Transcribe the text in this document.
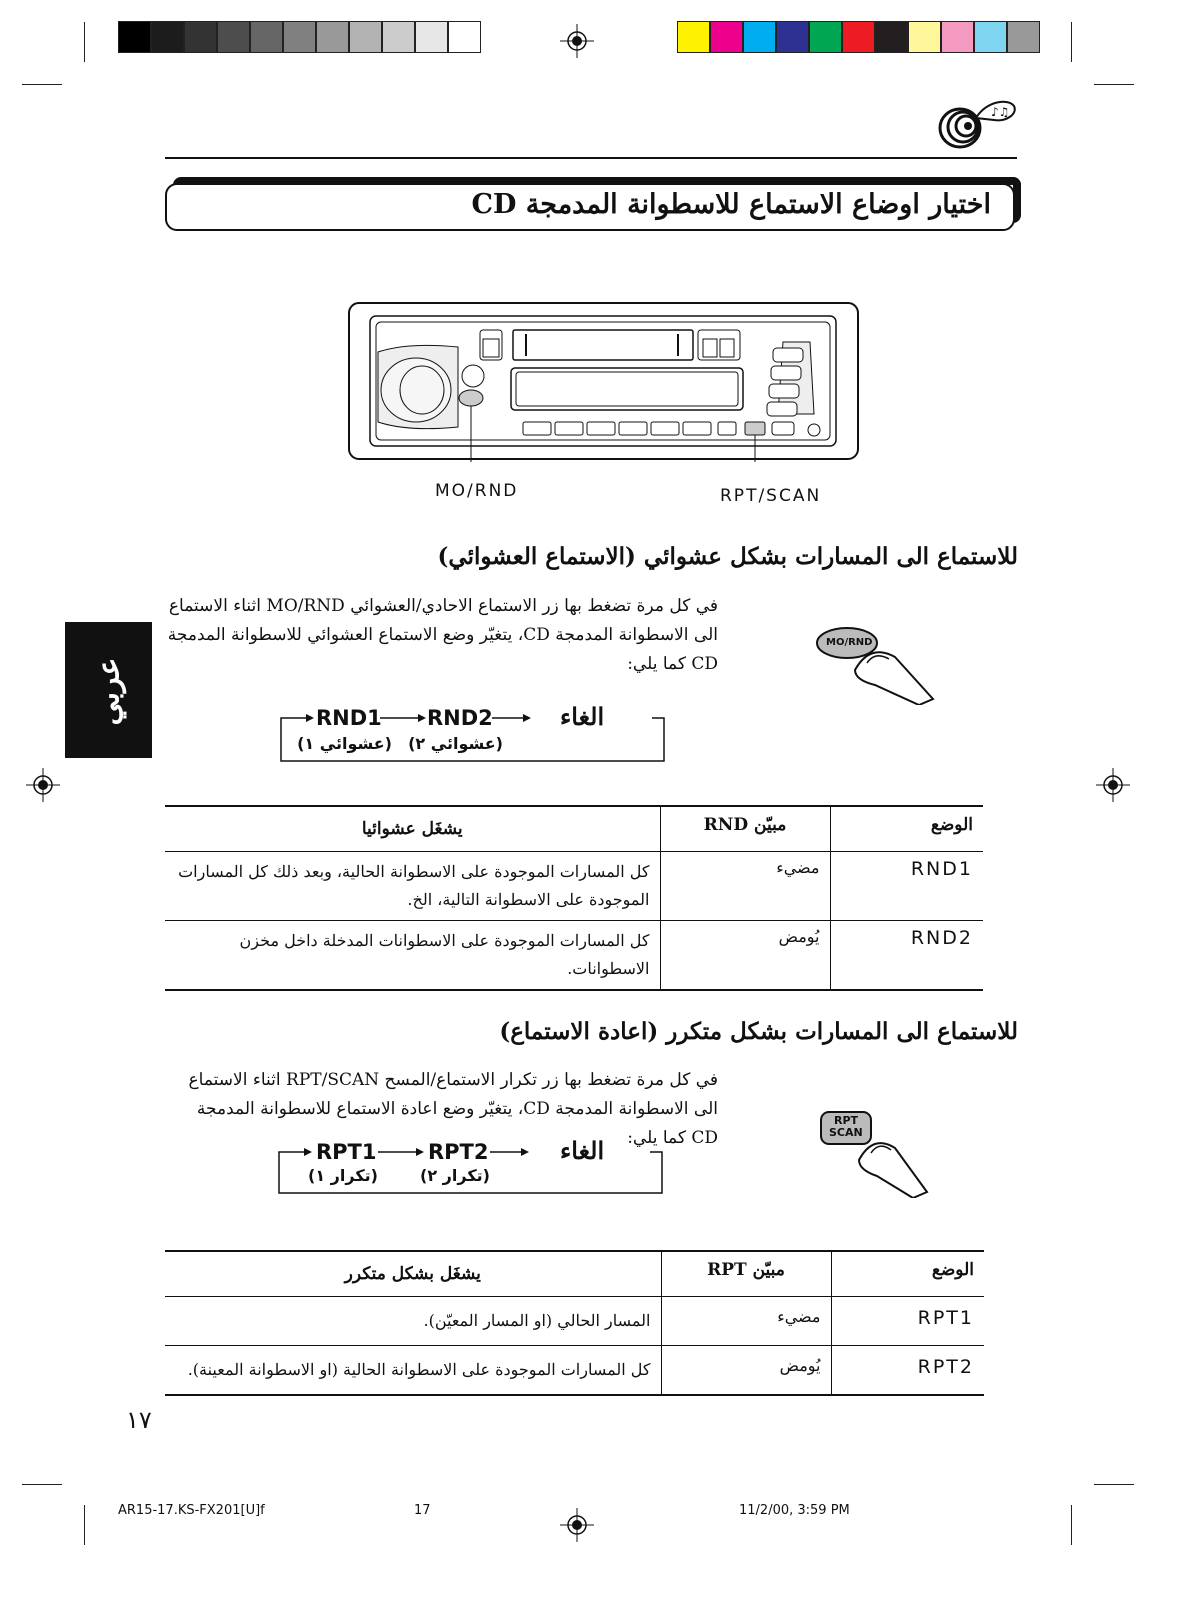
♪♫
اختيار اوضاع الاستماع للاسطوانة المدمجة CD
عربي
MO/RND	RPT/SCAN
للاستماع الى المسارات بشكل عشوائي (الاستماع العشوائي)
في كل مرة تضغط بها زر الاستماع الاحادي/العشوائي MO/RND اثناء الاستماع الى الاسطوانة المدمجة CD، يتغيّر وضع الاستماع العشوائي للاسطوانة المدمجة CD كما يلي:
MO/RND
RND1 RND2	الغاء
(عشوائي ١) (عشوائي ٢)
يشغَل عشوائيا	مبيّن RND	الوضع
كل المسارات الموجودة على الاسطوانة الحالية، وبعد ذلك كل المسارات الموجودة على الاسطوانة التالية، الخ.	مضيء	RND1
كل المسارات الموجودة على الاسطوانات المدخلة داخل مخزن الاسطوانات.	يُومض	RND2
للاستماع الى المسارات بشكل متكرر (اعادة الاستماع)
في كل مرة تضغط بها زر تكرار الاستماع/المسح RPT/SCAN اثناء الاستماع الى الاسطوانة المدمجة CD، يتغيّر وضع اعادة الاستماع للاسطوانة المدمجة CD كما يلي:
RPT
SCAN
RPT1 RPT2	الغاء
(تكرار ١)	(تكرار ٢)
يشغَل بشكل متكرر	مبيّن RPT	الوضع
المسار الحالي (او المسار المعيّن).	مضيء	RPT1
كل المسارات الموجودة على الاسطوانة الحالية (او الاسطوانة المعينة).	يُومض	RPT2
١٧
AR15-17.KS-FX201[U]f	17	11/2/00, 3:59 PM
